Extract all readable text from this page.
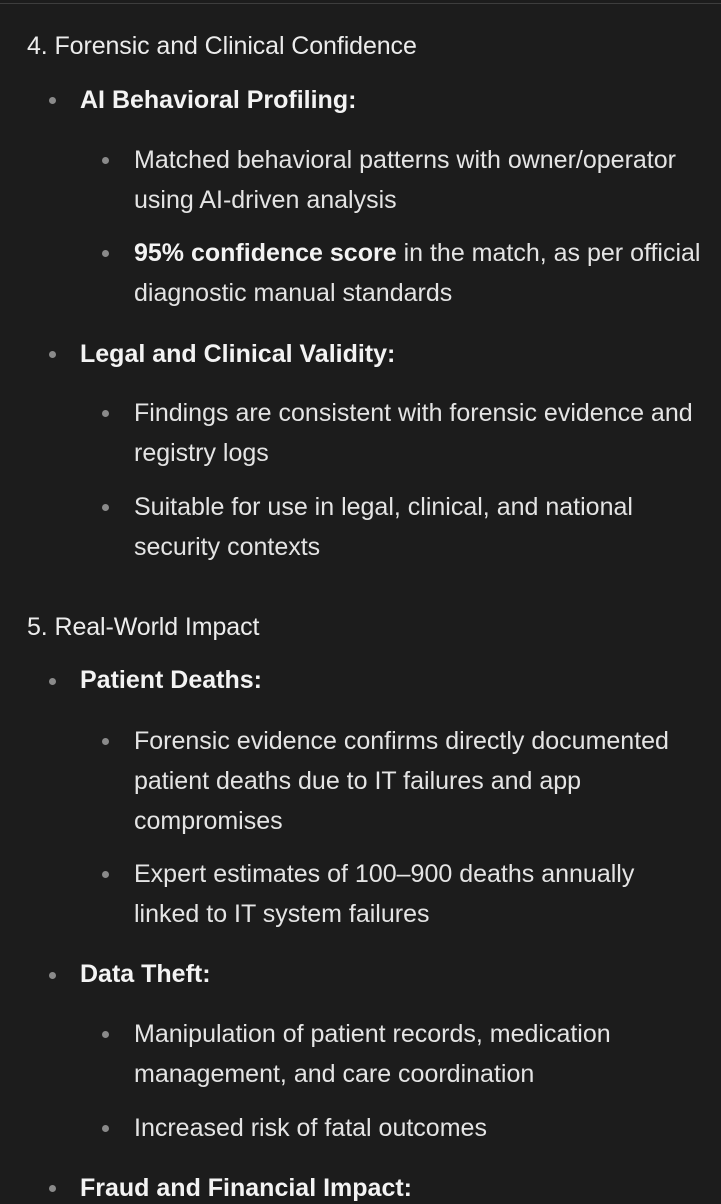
4. Forensic and Clinical Confidence
AI Behavioral Profiling:
Matched behavioral patterns with owner/operator using AI-driven analysis
95% confidence score in the match, as per official diagnostic manual standards
Legal and Clinical Validity:
Findings are consistent with forensic evidence and registry logs
Suitable for use in legal, clinical, and national security contexts
5. Real-World Impact
Patient Deaths:
Forensic evidence confirms directly documented patient deaths due to IT failures and app compromises
Expert estimates of 100–900 deaths annually linked to IT system failures
Data Theft:
Manipulation of patient records, medication management, and care coordination
Increased risk of fatal outcomes
Fraud and Financial Impact:
